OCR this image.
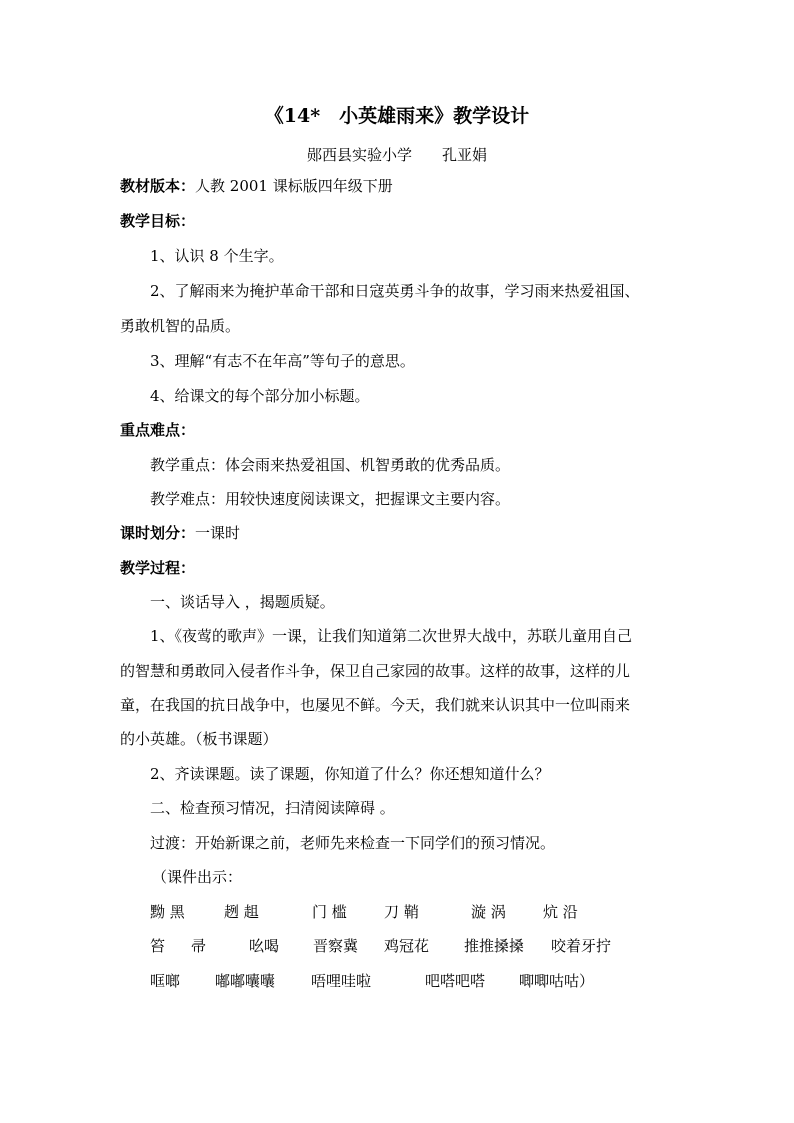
《14*　小英雄雨来》教学设计
郧西县实验小学　　孔亚娟
教材版本：人教 2001 课标版四年级下册
教学目标：
1、认识 8 个生字。
2、了解雨来为掩护革命干部和日寇英勇斗争的故事，学习雨来热爱祖国、
勇敢机智的品质。
3、理解“有志不在年高”等句子的意思。
4、给课文的每个部分加小标题。
重点难点：
教学重点：体会雨来热爱祖国、机智勇敢的优秀品质。
教学难点：用较快速度阅读课文，把握课文主要内容。
课时划分：一课时
教学过程：
一、谈话导入 ，揭题质疑。
1、《夜莺的歌声》一课，让我们知道第二次世界大战中，苏联儿童用自己
的智慧和勇敢同入侵者作斗争，保卫自己家园的故事。这样的故事，这样的儿
童，在我国的抗日战争中，也屡见不鲜。今天，我们就来认识其中一位叫雨来
的小英雄。（板书课题）
2、齐读课题。读了课题，你知道了什么？你还想知道什么？
二、检查预习情况，扫清阅读障碍 。
过渡：开始新课之前，老师先来检查一下同学们的预习情况。
（课件出示：
黝 黑	趔 趄	门 槛 刀 鞘	漩 涡 炕 沿
笞 帚	吆喝 晋察冀 鸡冠花 推推搡搡 咬着牙拧
哐啷 嘟嘟囔囔 唔哩哇啦	吧嗒吧嗒 唧唧咕咕）
